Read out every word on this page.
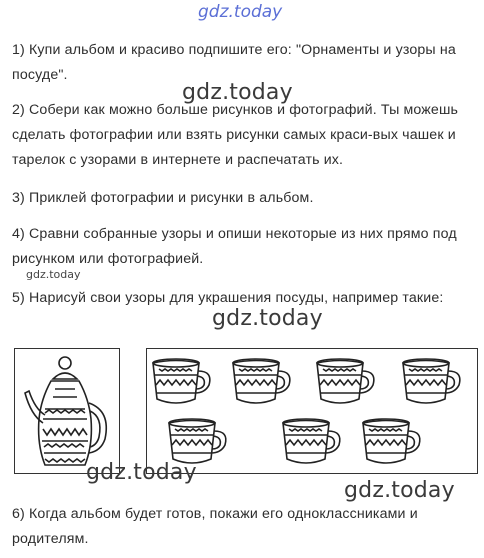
gdz.today
1) Купи альбом и красиво подпишите его: "Орнаменты и узоры на посуде".
gdz.today
2) Собери как можно больше рисунков и фотографий. Ты можешь сделать фотографии или взять рисунки самых краси-вых чашек и тарелок с узорами в интернете и распечатать их.
3) Приклей фотографии и рисунки в альбом.
4) Сравни собранные узоры и опиши некоторые из них прямо под рисунком или фотографией.
gdz.today
5) Нарисуй свои узоры для украшения посуды, например такие:
gdz.today
gdz.today
gdz.today
6) Когда альбом будет готов, покажи его одноклассниками и родителям.
